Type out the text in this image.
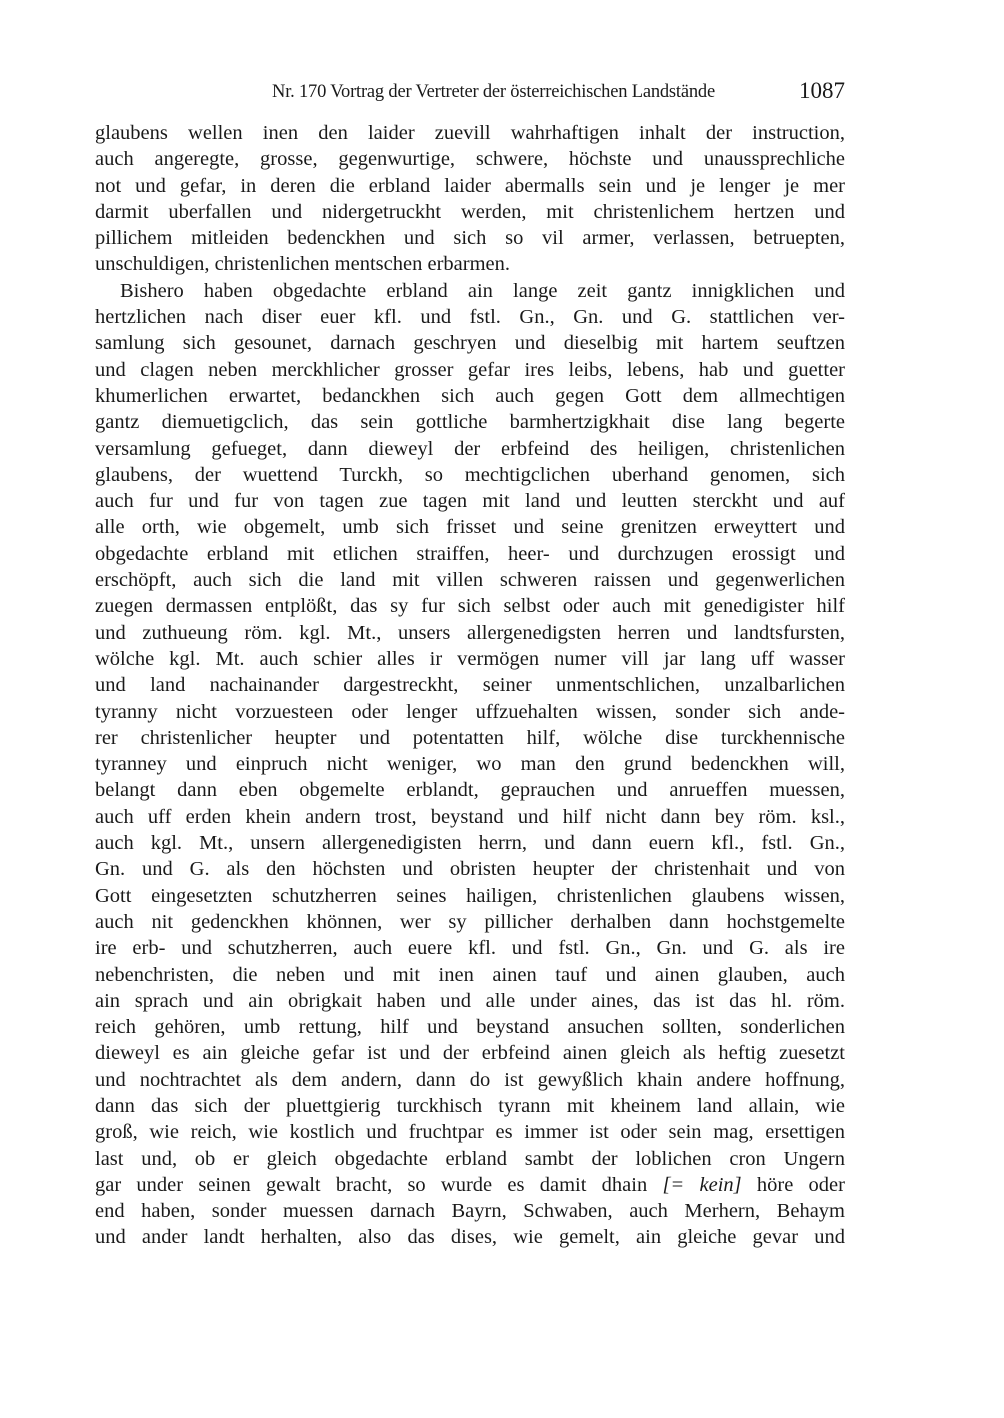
Nr. 170 Vortrag der Vertreter der österreichischen Landstände	1087
glaubens wellen inen den laider zuevill wahrhaftigen inhalt der instruction,
auch angeregte, grosse, gegenwurtige, schwere, höchste und unaussprechliche
not und gefar, in deren die erbland laider abermalls sein und je lenger je mer
darmit uberfallen und nidergetruckht werden, mit christenlichem hertzen und
pillichem mitleiden bedenckhen und sich so vil armer, verlassen, betruepten,
unschuldigen, christenlichen mentschen erbarmen.
Bishero haben obgedachte erbland ain lange zeit gantz innigklichen und
hertzlichen nach diser euer kfl. und fstl. Gn., Gn. und G. stattlichen ver-
samlung sich gesounet, darnach geschryen und dieselbig mit hartem seuftzen
und clagen neben merckhlicher grosser gefar ires leibs, lebens, hab und guetter
khumerlichen erwartet, bedanckhen sich auch gegen Gott dem allmechtigen
gantz diemuetigclich, das sein gottliche barmhertzigkhait dise lang begerte
versamlung gefueget, dann dieweyl der erbfeind des heiligen, christenlichen
glaubens, der wuettend Turckh, so mechtigclichen uberhand genomen, sich
auch fur und fur von tagen zue tagen mit land und leutten sterckht und auf
alle orth, wie obgemelt, umb sich frisset und seine grenitzen erweyttert und
obgedachte erbland mit etlichen straiffen, heer- und durchzugen erossigt und
erschöpft, auch sich die land mit villen schweren raissen und gegenwerlichen
zuegen dermassen entplößt, das sy fur sich selbst oder auch mit genedigister hilf
und zuthueung röm. kgl. Mt., unsers allergenedigsten herren und landtsfursten,
wölche kgl. Mt. auch schier alles ir vermögen numer vill jar lang uff wasser
und land nachainander dargestreckht, seiner unmentschlichen, unzalbarlichen
tyranny nicht vorzuesteen oder lenger uffzuehalten wissen, sonder sich ande-
rer christenlicher heupter und potentatten hilf, wölche dise turckhennische
tyranney und einpruch nicht weniger, wo man den grund bedenckhen will,
belangt dann eben obgemelte erblandt, geprauchen und anrueffen muessen,
auch uff erden khein andern trost, beystand und hilf nicht dann bey röm. ksl.,
auch kgl. Mt., unsern allergenedigisten herrn, und dann euern kfl., fstl. Gn.,
Gn. und G. als den höchsten und obristen heupter der christenhait und von
Gott eingesetzten schutzherren seines hailigen, christenlichen glaubens wissen,
auch nit gedenckhen khönnen, wer sy pillicher derhalben dann hochstgemelte
ire erb- und schutzherren, auch euere kfl. und fstl. Gn., Gn. und G. als ire
nebenchristen, die neben und mit inen ainen tauf und ainen glauben, auch
ain sprach und ain obrigkait haben und alle under aines, das ist das hl. röm.
reich gehören, umb rettung, hilf und beystand ansuchen sollten, sonderlichen
dieweyl es ain gleiche gefar ist und der erbfeind ainen gleich als heftig zuesetzt
und nochtrachtet als dem andern, dann do ist gewyßlich khain andere hoffnung,
dann das sich der pluettgierig turckhisch tyrann mit kheinem land allain, wie
groß, wie reich, wie kostlich und fruchtpar es immer ist oder sein mag, ersettigen
last und, ob er gleich obgedachte erbland sambt der loblichen cron Ungern
gar under seinen gewalt bracht, so wurde es damit dhain [= kein] höre oder
end haben, sonder muessen darnach Bayrn, Schwaben, auch Merhern, Behaym
und ander landt herhalten, also das dises, wie gemelt, ain gleiche gevar und
